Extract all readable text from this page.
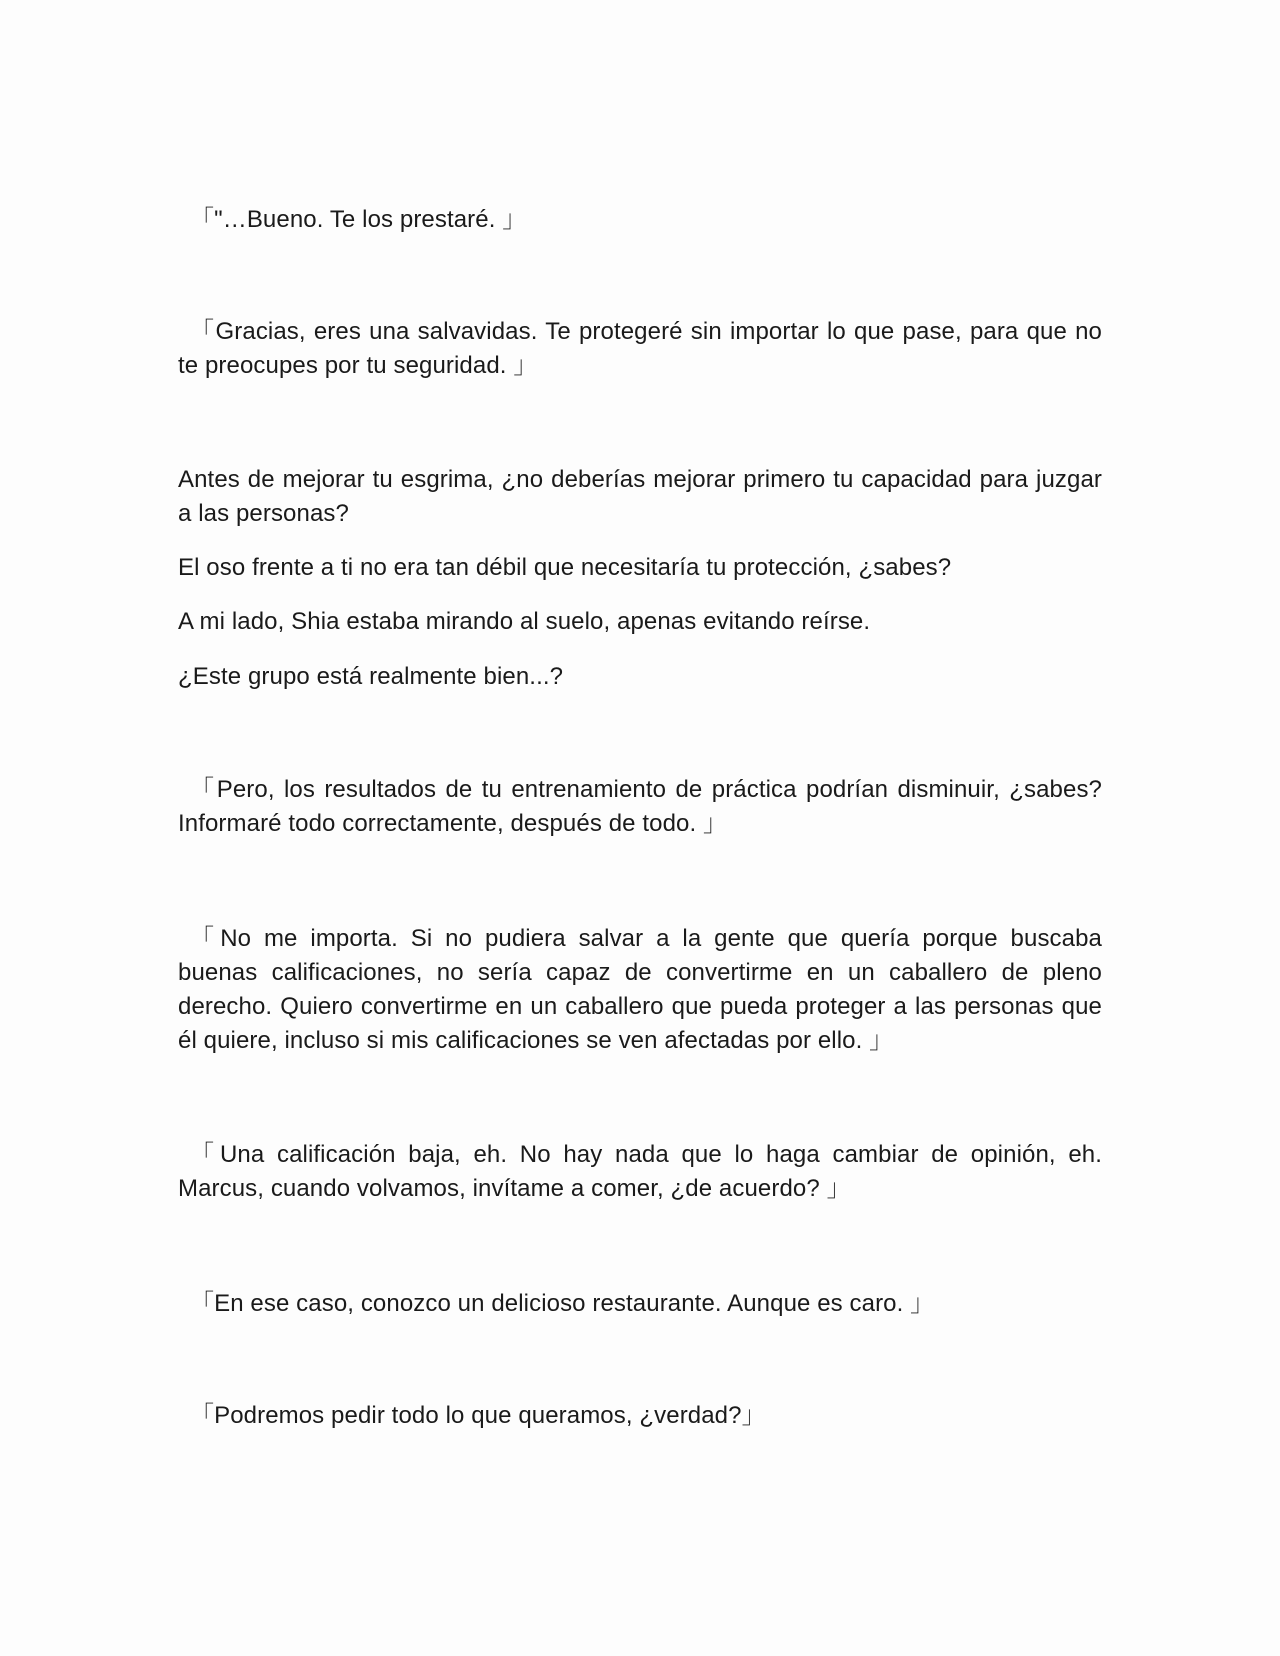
「"…Bueno. Te los prestaré. 」

「Gracias, eres una salvavidas. Te protegeré sin importar lo que pase, para que no te preocupes por tu seguridad. 」

Antes de mejorar tu esgrima, ¿no deberías mejorar primero tu capacidad para juzgar a las personas?

El oso frente a ti no era tan débil que necesitaría tu protección, ¿sabes?

A mi lado, Shia estaba mirando al suelo, apenas evitando reírse.

¿Este grupo está realmente bien...?

「Pero, los resultados de tu entrenamiento de práctica podrían disminuir, ¿sabes? Informaré todo correctamente, después de todo. 」

「No me importa. Si no pudiera salvar a la gente que quería porque buscaba buenas calificaciones, no sería capaz de convertirme en un caballero de pleno derecho. Quiero convertirme en un caballero que pueda proteger a las personas que él quiere, incluso si mis calificaciones se ven afectadas por ello. 」

「Una calificación baja, eh. No hay nada que lo haga cambiar de opinión, eh. Marcus, cuando volvamos, invítame a comer, ¿de acuerdo? 」

「En ese caso, conozco un delicioso restaurante. Aunque es caro. 」

「Podremos pedir todo lo que queramos, ¿verdad?」
